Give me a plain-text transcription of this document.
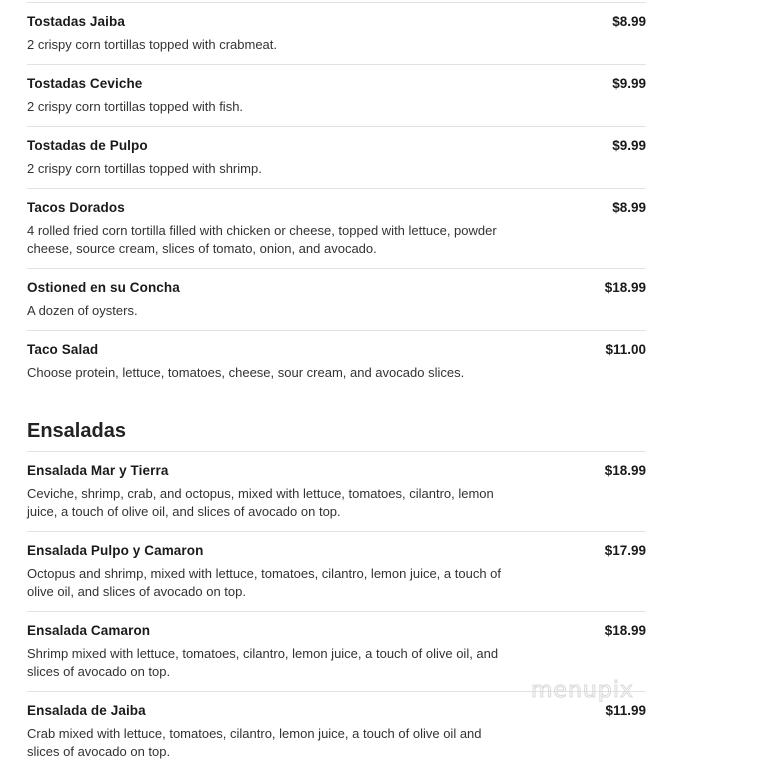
Tostadas Jaiba	$8.99
2 crispy corn tortillas topped with crabmeat.
Tostadas Ceviche	$9.99
2 crispy corn tortillas topped with fish.
Tostadas de Pulpo	$9.99
2 crispy corn tortillas topped with shrimp.
Tacos Dorados	$8.99
4 rolled fried corn tortilla filled with chicken or cheese, topped with lettuce, powder cheese, source cream, slices of tomato, onion, and avocado.
Ostioned en su Concha	$18.99
A dozen of oysters.
Taco Salad	$11.00
Choose protein, lettuce, tomatoes, cheese, sour cream, and avocado slices.
Ensaladas
Ensalada Mar y Tierra	$18.99
Ceviche, shrimp, crab, and octopus, mixed with lettuce, tomatoes, cilantro, lemon juice, a touch of olive oil, and slices of avocado on top.
Ensalada Pulpo y Camaron	$17.99
Octopus and shrimp, mixed with lettuce, tomatoes, cilantro, lemon juice, a touch of olive oil, and slices of avocado on top.
Ensalada Camaron	$18.99
Shrimp mixed with lettuce, tomatoes, cilantro, lemon juice, a touch of olive oil, and slices of avocado on top.
Ensalada de Jaiba	$11.99
Crab mixed with lettuce, tomatoes, cilantro, lemon juice, a touch of olive oil and slices of avocado on top.
menupix
